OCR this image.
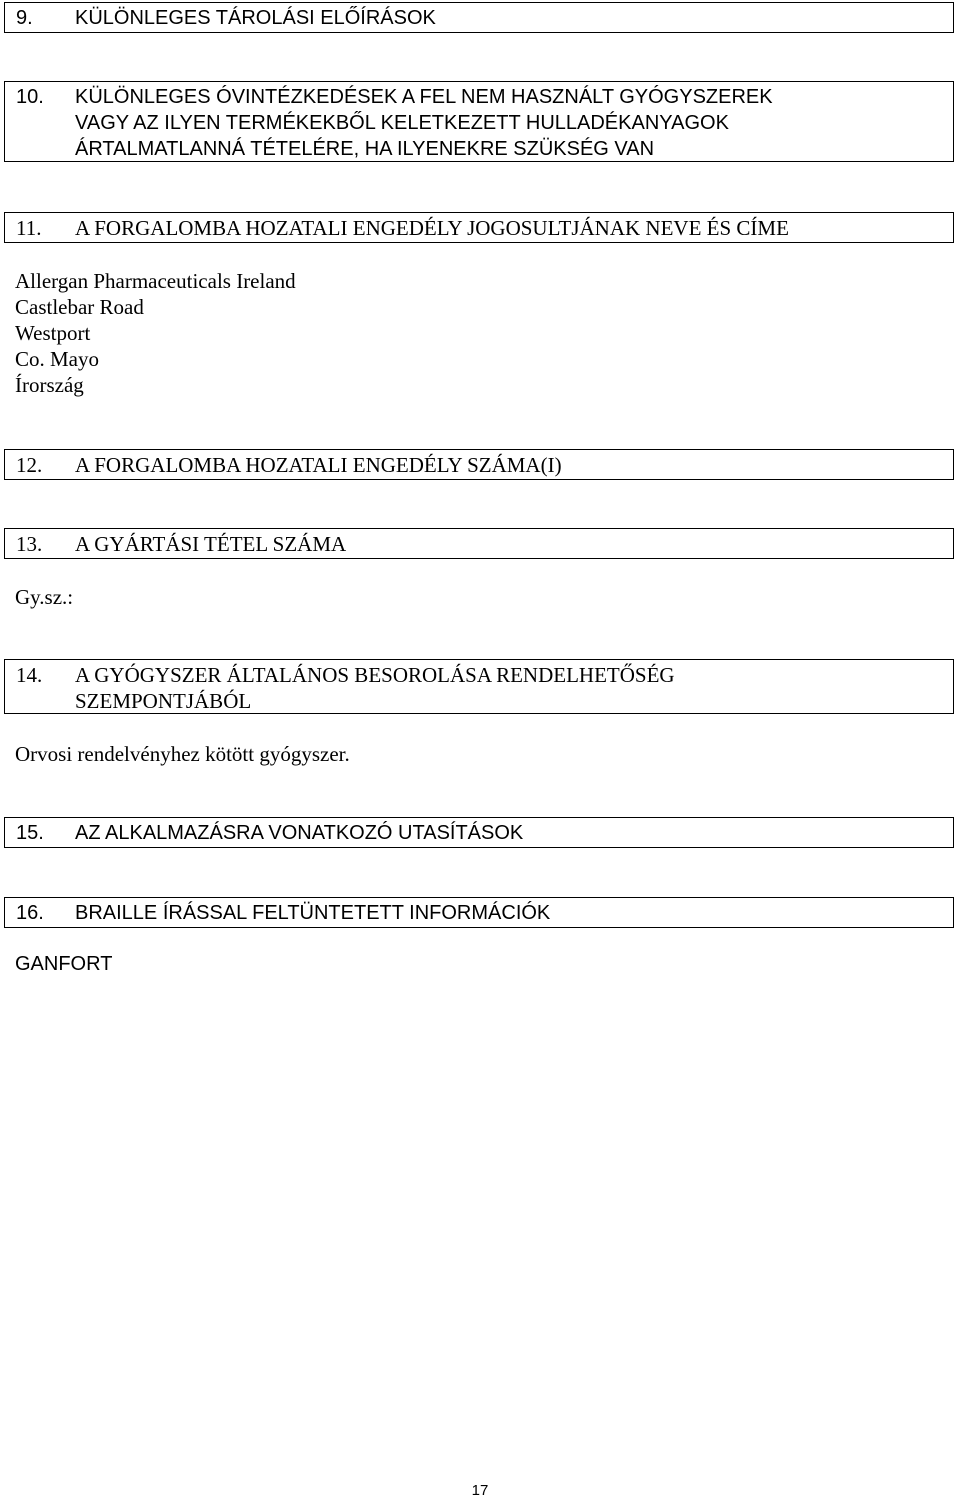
9.	KÜLÖNLEGES TÁROLÁSI ELŐÍRÁSOK
10.	KÜLÖNLEGES ÓVINTÉZKEDÉSEK A FEL NEM HASZNÁLT GYÓGYSZEREK
VAGY AZ ILYEN TERMÉKEKBŐL KELETKEZETT HULLADÉKANYAGOK
ÁRTALMATLANNÁ TÉTELÉRE, HA ILYENEKRE SZÜKSÉG VAN
11.	A FORGALOMBA HOZATALI ENGEDÉLY JOGOSULTJÁNAK NEVE ÉS CÍME
Allergan Pharmaceuticals Ireland
Castlebar Road
Westport
Co. Mayo
Írország
12.	A FORGALOMBA HOZATALI ENGEDÉLY SZÁMA(I)
13.	A GYÁRTÁSI TÉTEL SZÁMA

Gy.sz.:

14.	A GYÓGYSZER ÁLTALÁNOS BESOROLÁSA RENDELHETŐSÉG
SZEMPONTJÁBÓL

Orvosi rendelvényhez kötött gyógyszer.

15.	AZ ALKALMAZÁSRA VONATKOZÓ UTASÍTÁSOK
16.	BRAILLE ÍRÁSSAL FELTÜNTETETT INFORMÁCIÓK

GANFORT

17
